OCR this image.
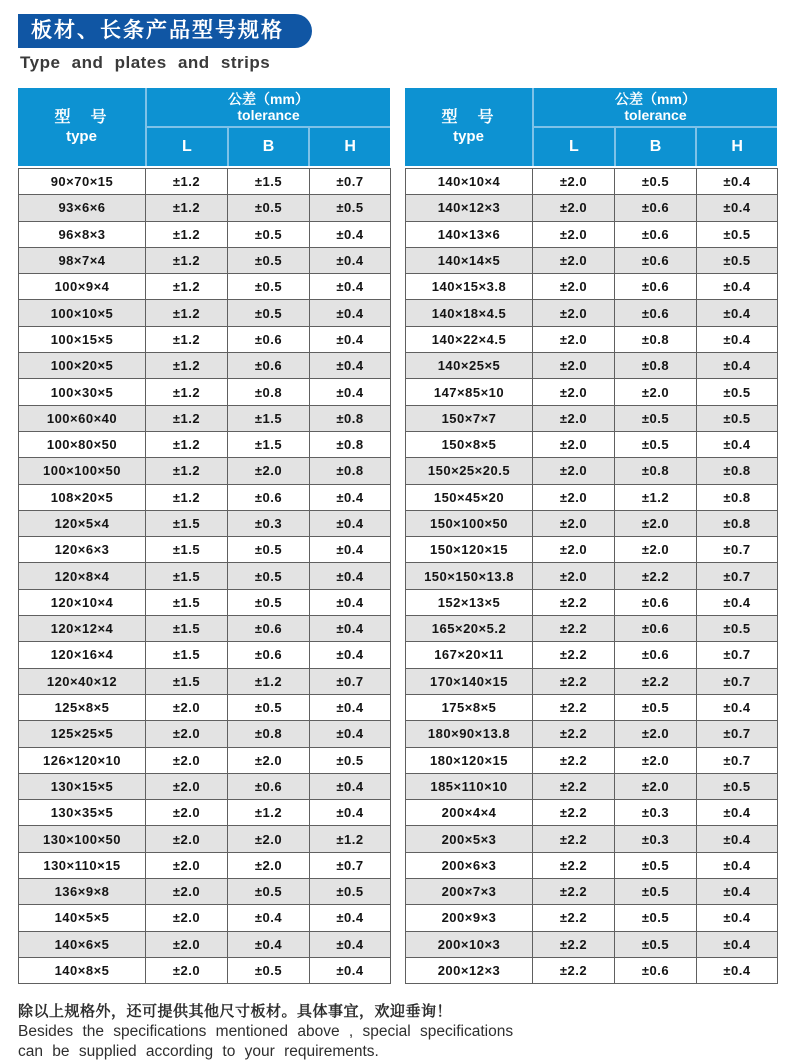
板材、长条产品型号规格
Type and plates and strips
型　号
type
公差（mm）
tolerance
L	B	H
90×70×15	±1.2	±1.5	±0.7
93×6×6	±1.2	±0.5	±0.5
96×8×3	±1.2	±0.5	±0.4
98×7×4	±1.2	±0.5	±0.4
100×9×4	±1.2	±0.5	±0.4
100×10×5	±1.2	±0.5	±0.4
100×15×5	±1.2	±0.6	±0.4
100×20×5	±1.2	±0.6	±0.4
100×30×5	±1.2	±0.8	±0.4
100×60×40	±1.2	±1.5	±0.8
100×80×50	±1.2	±1.5	±0.8
100×100×50	±1.2	±2.0	±0.8
108×20×5	±1.2	±0.6	±0.4
120×5×4	±1.5	±0.3	±0.4
120×6×3	±1.5	±0.5	±0.4
120×8×4	±1.5	±0.5	±0.4
120×10×4	±1.5	±0.5	±0.4
120×12×4	±1.5	±0.6	±0.4
120×16×4	±1.5	±0.6	±0.4
120×40×12	±1.5	±1.2	±0.7
125×8×5	±2.0	±0.5	±0.4
125×25×5	±2.0	±0.8	±0.4
126×120×10	±2.0	±2.0	±0.5
130×15×5	±2.0	±0.6	±0.4
130×35×5	±2.0	±1.2	±0.4
130×100×50	±2.0	±2.0	±1.2
130×110×15	±2.0	±2.0	±0.7
136×9×8	±2.0	±0.5	±0.5
140×5×5	±2.0	±0.4	±0.4
140×6×5	±2.0	±0.4	±0.4
140×8×5	±2.0	±0.5	±0.4
型　号
type
公差（mm）
tolerance
L	B	H
140×10×4	±2.0	±0.5	±0.4
140×12×3	±2.0	±0.6	±0.4
140×13×6	±2.0	±0.6	±0.5
140×14×5	±2.0	±0.6	±0.5
140×15×3.8	±2.0	±0.6	±0.4
140×18×4.5	±2.0	±0.6	±0.4
140×22×4.5	±2.0	±0.8	±0.4
140×25×5	±2.0	±0.8	±0.4
147×85×10	±2.0	±2.0	±0.5
150×7×7	±2.0	±0.5	±0.5
150×8×5	±2.0	±0.5	±0.4
150×25×20.5	±2.0	±0.8	±0.8
150×45×20	±2.0	±1.2	±0.8
150×100×50	±2.0	±2.0	±0.8
150×120×15	±2.0	±2.0	±0.7
150×150×13.8	±2.0	±2.2	±0.7
152×13×5	±2.2	±0.6	±0.4
165×20×5.2	±2.2	±0.6	±0.5
167×20×11	±2.2	±0.6	±0.7
170×140×15	±2.2	±2.2	±0.7
175×8×5	±2.2	±0.5	±0.4
180×90×13.8	±2.2	±2.0	±0.7
180×120×15	±2.2	±2.0	±0.7
185×110×10	±2.2	±2.0	±0.5
200×4×4	±2.2	±0.3	±0.4
200×5×3	±2.2	±0.3	±0.4
200×6×3	±2.2	±0.5	±0.4
200×7×3	±2.2	±0.5	±0.4
200×9×3	±2.2	±0.5	±0.4
200×10×3	±2.2	±0.5	±0.4
200×12×3	±2.2	±0.6	±0.4
除以上规格外，还可提供其他尺寸板材。具体事宜，欢迎垂询！
Besides the specifications mentioned above , special specifications
can be supplied according to your requirements.
